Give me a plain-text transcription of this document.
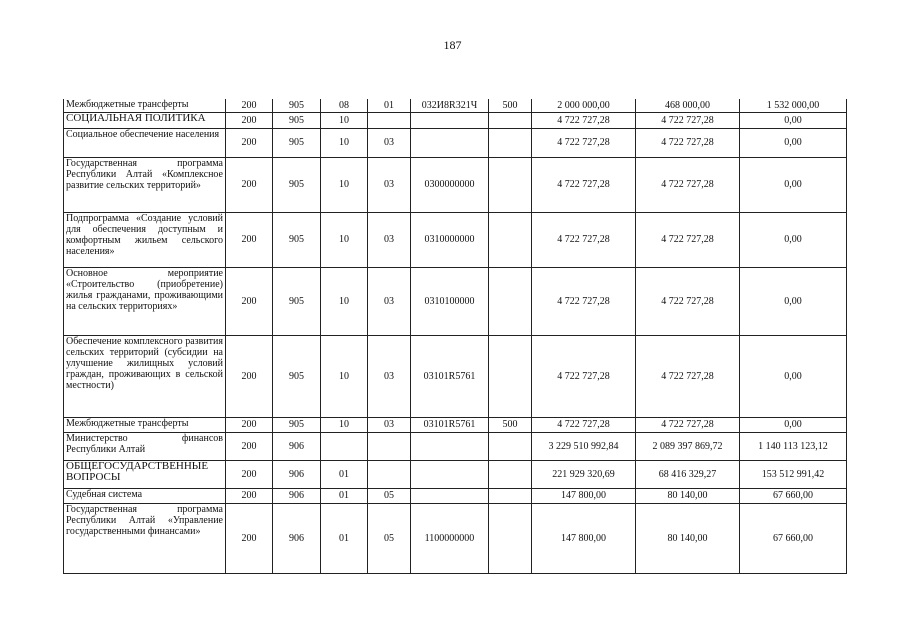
187
Межбюджетные трансферты	200	905	08	01	032И8R321Ч	500	2 000 000,00	468 000,00	1 532 000,00
СОЦИАЛЬНАЯ ПОЛИТИКА	200	905	10				4 722 727,28	4 722 727,28	0,00
Социальное обеспечение населения	200	905	10	03			4 722 727,28	4 722 727,28	0,00
Государственная программа Республики Алтай «Комплексное развитие сельских территорий»	200	905	10	03	0300000000		4 722 727,28	4 722 727,28	0,00
Подпрограмма «Создание условий для обеспечения доступным и комфортным жильем сельского населения»	200	905	10	03	0310000000		4 722 727,28	4 722 727,28	0,00
Основное мероприятие «Строительство (приобретение) жилья гражданами, проживающими на сельских территориях»	200	905	10	03	0310100000		4 722 727,28	4 722 727,28	0,00
Обеспечение комплексного развития сельских территорий (субсидии на улучшение жилищных условий граждан, проживающих в сельской местности)	200	905	10	03	03101R5761		4 722 727,28	4 722 727,28	0,00
Межбюджетные трансферты	200	905	10	03	03101R5761	500	4 722 727,28	4 722 727,28	0,00
Министерство финансов Республики Алтай	200	906					3 229 510 992,84	2 089 397 869,72	1 140 113 123,12
ОБЩЕГОСУДАРСТВЕННЫЕ ВОПРОСЫ	200	906	01				221 929 320,69	68 416 329,27	153 512 991,42
Судебная система	200	906	01	05			147 800,00	80 140,00	67 660,00
Государственная программа Республики Алтай «Управление государственными финансами»	200	906	01	05	1100000000		147 800,00	80 140,00	67 660,00
